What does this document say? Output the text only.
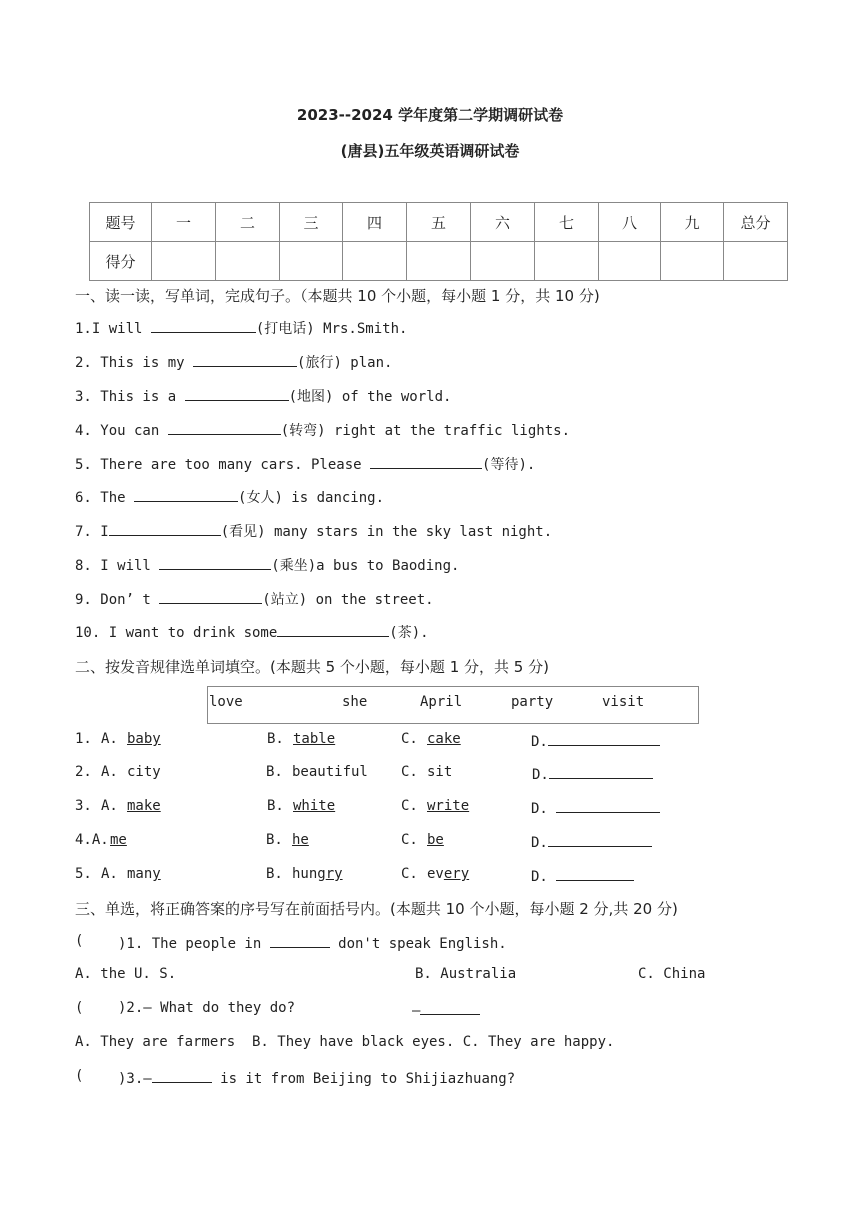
2023--2024 学年度第二学期调研试卷
(唐县)五年级英语调研试卷
题号	一	二	三	四	五	六	七	八	九	总分
得分										
一、读一读，写单词，完成句子。（本题共 10 个小题，每小题 1 分，共 10 分)
1.I will	(打电话) Mrs.Smith.
2. This is my	(旅行) plan.
3. This is a	(地图) of the world.
4. You can	(转弯) right at the traffic lights.
5. There are too many cars. Please	(等待).
6. The	(女人) is dancing.
7. I	(看见) many stars in the sky last night.
8. I will	(乘坐)a bus to Baoding.
9. Don’ t	(站立) on the street.
10. I want to drink some	(茶).
二、按发音规律选单词填空。(本题共 5 个小题，每小题 1 分，共 5 分)
love	she	April	party	visit
1. A. baby	B. table	C. cake	D.
2. A. city	B. beautiful C. sit	D.
3. A. make	B. white	C. write	D.
4.A. me	B. he	C. be	D.
5. A. many	B. hungry	C. every	D.
三、单选，将正确答案的序号写在前面括号内。(本题共 10 个小题，每小题 2 分,共 20 分)
( )1. The people in	don't speak English.
A. the U. S.	B. Australia	C. China
( )2.— What do they do?	—
A. They are farmers  B. They have black eyes. C. They are happy.
( )3.—	is it from Beijing to Shijiazhuang?
